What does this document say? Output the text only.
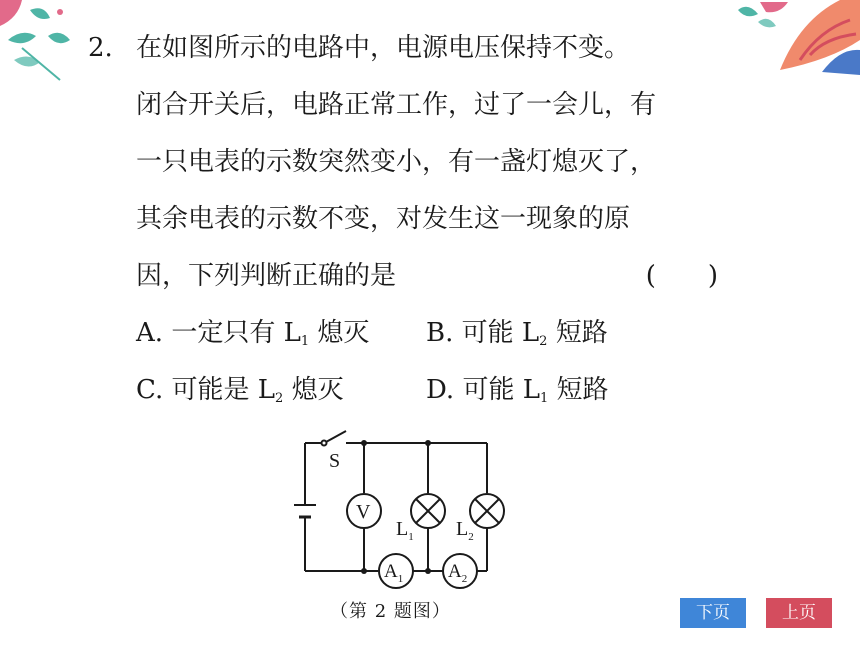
2. 在如图所示的电路中，电源电压保持不变。
闭合开关后，电路正常工作，过了一会儿，有
一只电表的示数突然变小，有一盏灯熄灭了，
其余电表的示数不变，对发生这一现象的原
因，下列判断正确的是	(　　)
A. 一定只有 $L_1$ 熄灭 B. 可能 $L_2$ 短路
C. 可能是 $L_2$ 熄灭	D. 可能 $L_1$ 短路
S
V
$L_1$ $L_2$
$A_1$ $A_2$
（第 2 题图）	下页	上页
